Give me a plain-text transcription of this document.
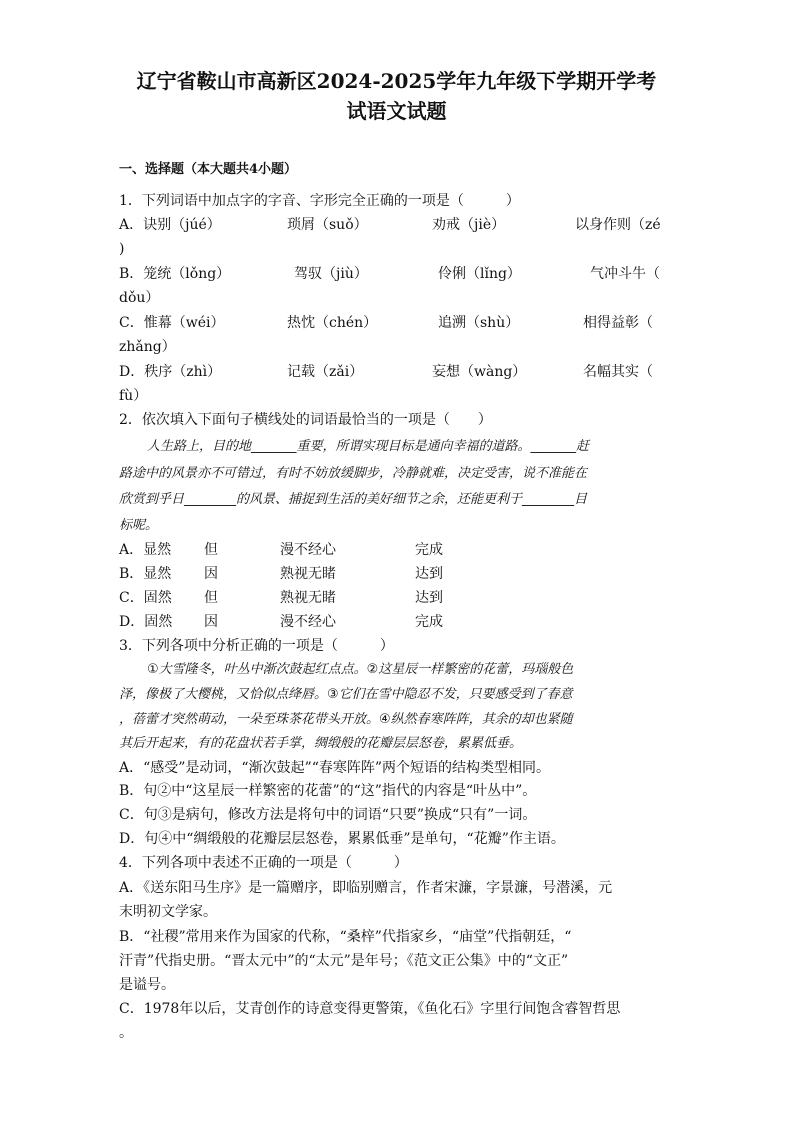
辽宁省鞍山市高新区2024-2025学年九年级下学期开学考
试语文试题
一、选择题（本大题共4小题）
1．下列词语中加点字的字音、字形完全正确的一项是（　　　）
A．诀别（júé）	琐屑（suǒ）	劝戒（jiè）	以身作则（zé
)
B．笼统（lǒng）	驾驭（jiù）	伶俐（lǐng）	气冲斗牛（
dǒu）
C．惟幕（wéi）	热忱（chén）	追溯（shù）	相得益彰（
zhǎng）
D．秩序（zhì）	记载（zǎi）	妄想（wàng）	名幅其实（
fù）
2．依次填入下面句子横线处的词语最恰当的一项是（　　）
人生路上，目的地_______重要，所谓实现目标是通向幸福的道路。_______赶
路途中的风景亦不可错过，有时不妨放缓脚步，冷静就难，决定受害，说不准能在
欣赏到乎日________的风景、捕捉到生活的美好细节之余，还能更利于________目
标呢。
A．显然 但	漫不经心	完成
B．显然 因	熟视无睹	达到
C．固然 但	熟视无睹	达到
D．固然 因	漫不经心	完成
3．下列各项中分析正确的一项是（　　　）
①大雪隆冬，叶丛中渐次鼓起红点点。②这星辰一样繁密的花蕾，玛瑙般色
泽，像极了大樱桃，又恰似点绛唇。③它们在雪中隐忍不发，只要感受到了春意
，蓓蕾才突然萌动，一朵至珠茶花带头开放。④纵然春寒阵阵，其余的却也紧随
其后开起来，有的花盘状若手掌，绸缎般的花瓣层层怒卷，累累低垂。
A．“感受”是动词，“渐次鼓起”“春寒阵阵”两个短语的结构类型相同。
B．句②中“这星辰一样繁密的花蕾”的“这”指代的内容是“叶丛中”。
C．句③是病句，修改方法是将句中的词语“只要”换成“只有”一词。
D．句④中“绸缎般的花瓣层层怒卷，累累低垂”是单句，“花瓣”作主语。
4．下列各项中表述不正确的一项是（　　　）
A．《送东阳马生序》是一篇赠序，即临别赠言，作者宋濂，字景濂，号潜溪，元
末明初文学家。
B．“社稷”常用来作为国家的代称，“桑梓”代指家乡，“庙堂”代指朝廷，“
汗青”代指史册。“晋太元中”的“太元”是年号；《范文正公集》中的“文正”
是谥号。
C．1978年以后，艾青创作的诗意变得更警策，《鱼化石》字里行间饱含睿智哲思
。
